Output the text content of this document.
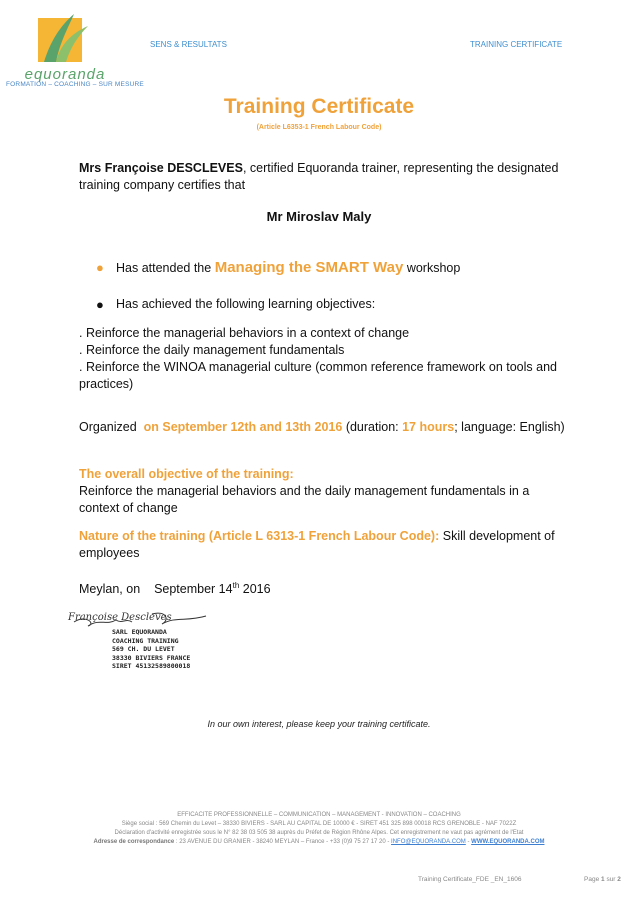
equoranda
FORMATION – COACHING – SUR MESURE
SENS & RESULTATS	TRAINING CERTIFICATE
Training Certificate
(Article L6353-1 French Labour Code)
Mrs Françoise DESCLEVES, certified Equoranda trainer, representing the designated training company certifies that
Mr Miroslav Maly
● Has attended the Managing the SMART Way workshop
● Has achieved the following learning objectives:
. Reinforce the managerial behaviors in a context of change
. Reinforce the daily management fundamentals
. Reinforce the WINOA managerial culture (common reference framework on tools and practices)
Organized on September 12th and 13th 2016 (duration: 17 hours; language: English)
The overall objective of the training:
Reinforce the managerial behaviors and the daily management fundamentals in a context of change
Nature of the training (Article L 6313-1 French Labour Code): Skill development of employees
Meylan, on September 14th 2016
Françoise Descleves
SARL EQUORANDA
COACHING TRAINING
569 CH. DU LEVET
38330 BIVIERS FRANCE
SIRET 45132589800018
In our own interest, please keep your training certificate.
EFFICACITE PROFESSIONNELLE – COMMUNICATION – MANAGEMENT - INNOVATION – COACHING
Siège social : 569 Chemin du Levet – 38330 BIVIERS - SARL AU CAPITAL DE 10000 € - SIRET 451 325 898 00018 RCS GRENOBLE - NAF 7022Z
Déclaration d'activité enregistrée sous le N° 82 38 03 505 38 auprès du Préfet de Région Rhône Alpes. Cet enregistrement ne vaut pas agrément de l'Etat
Adresse de correspondance : 23 AVENUE DU GRANIER - 38240 MEYLAN – France - +33 (0)9 75 27 17 20 - INFO@EQUORANDA.COM - WWW.EQUORANDA.COM
Training Certificate_FDE _EN_1606	Page 1 sur 2
